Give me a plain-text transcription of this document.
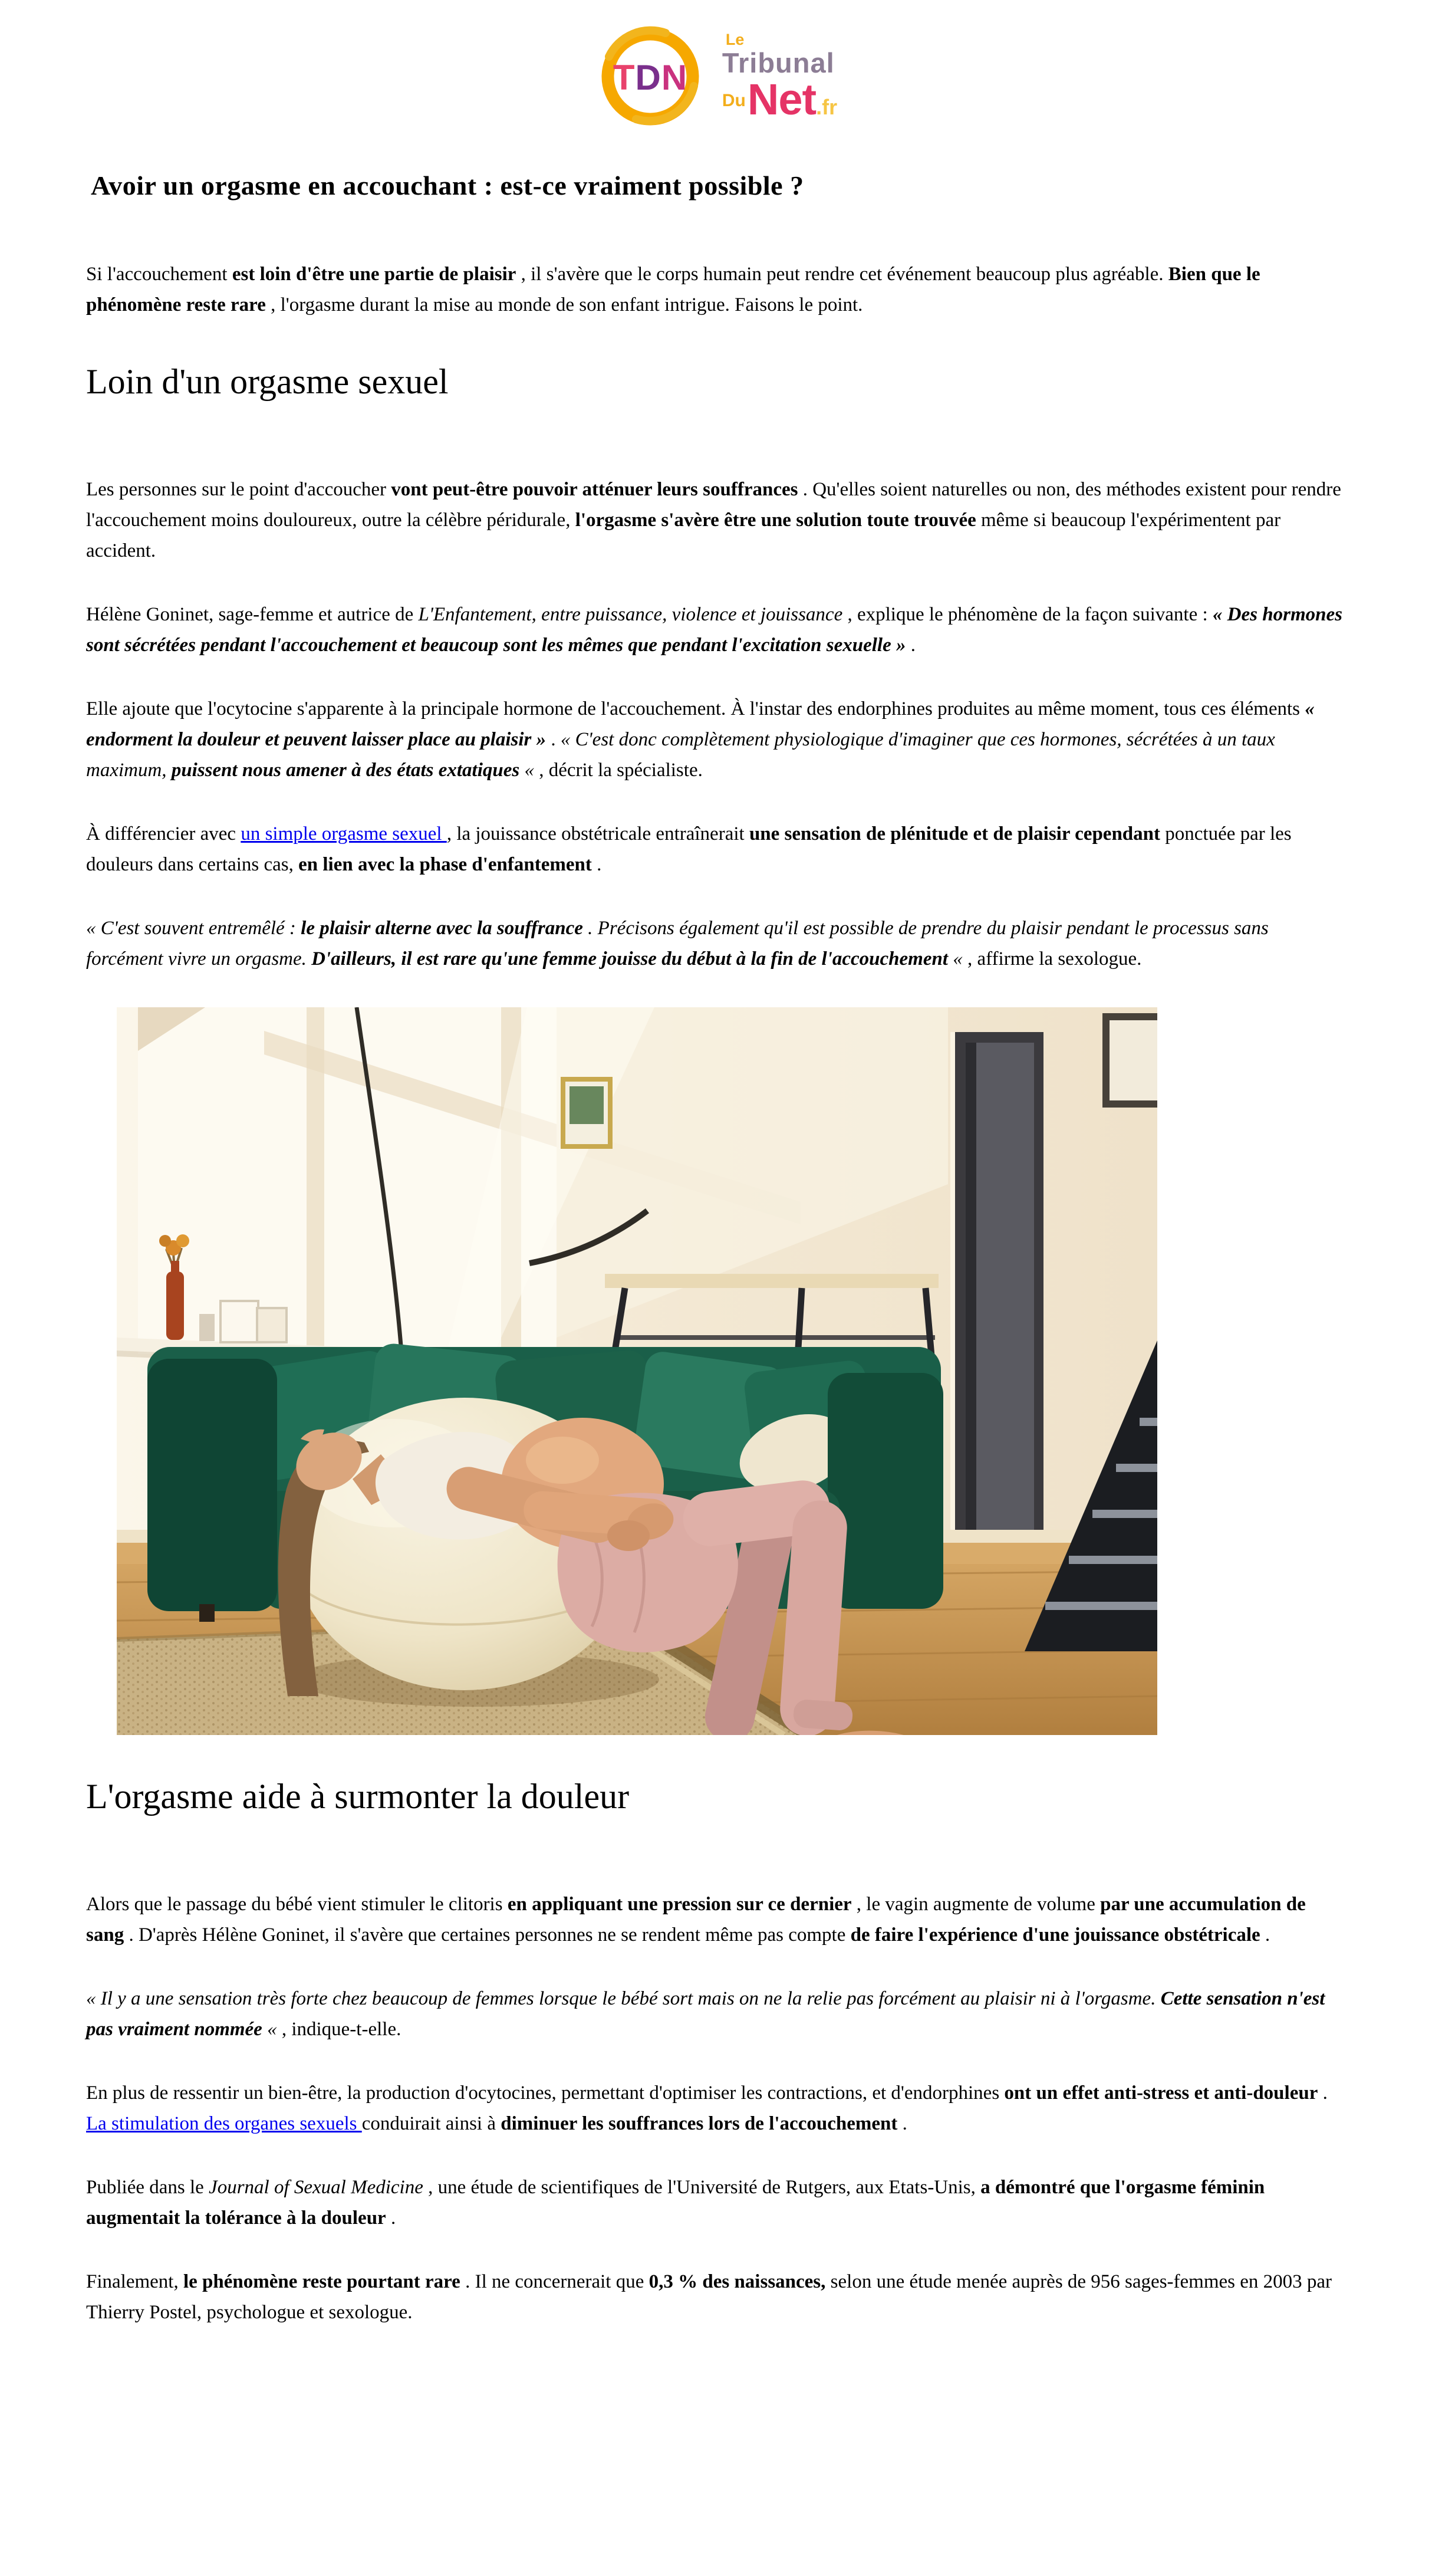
TDN
Le
Tribunal
Du Net .fr
Avoir un orgasme en accouchant : est-ce vraiment possible ?

Si l'accouchement est loin d'être une partie de plaisir , il s'avère que le corps humain peut rendre cet événement beaucoup plus agréable. Bien que le phénomène reste rare , l'orgasme durant la mise au monde de son enfant intrigue. Faisons le point.

Loin d'un orgasme sexuel

Les personnes sur le point d'accoucher vont peut-être pouvoir atténuer leurs souffrances . Qu'elles soient naturelles ou non, des méthodes existent pour rendre l'accouchement moins douloureux, outre la célèbre péridurale, l'orgasme s'avère être une solution toute trouvée même si beaucoup l'expérimentent par accident.

Hélène Goninet, sage-femme et autrice de L'Enfantement, entre puissance, violence et jouissance , explique le phénomène de la façon suivante : « Des hormones sont sécrétées pendant l'accouchement et beaucoup sont les mêmes que pendant l'excitation sexuelle » .

Elle ajoute que l'ocytocine s'apparente à la principale hormone de l'accouchement. À l'instar des endorphines produites au même moment, tous ces éléments « endorment la douleur et peuvent laisser place au plaisir » . « C'est donc complètement physiologique d'imaginer que ces hormones, sécrétées à un taux maximum, puissent nous amener à des états extatiques « , décrit la spécialiste.

À différencier avec un simple orgasme sexuel , la jouissance obstétricale entraînerait une sensation de plénitude et de plaisir cependant ponctuée par les douleurs dans certains cas, en lien avec la phase d'enfantement .

« C'est souvent entremêlé : le plaisir alterne avec la souffrance . Précisons également qu'il est possible de prendre du plaisir pendant le processus sans forcément vivre un orgasme. D'ailleurs, il est rare qu'une femme jouisse du début à la fin de l'accouchement « , affirme la sexologue.

L'orgasme aide à surmonter la douleur

Alors que le passage du bébé vient stimuler le clitoris en appliquant une pression sur ce dernier , le vagin augmente de volume par une accumulation de sang . D'après Hélène Goninet, il s'avère que certaines personnes ne se rendent même pas compte de faire l'expérience d'une jouissance obstétricale .

« Il y a une sensation très forte chez beaucoup de femmes lorsque le bébé sort mais on ne la relie pas forcément au plaisir ni à l'orgasme. Cette sensation n'est pas vraiment nommée « , indique-t-elle.

En plus de ressentir un bien-être, la production d'ocytocines, permettant d'optimiser les contractions, et d'endorphines ont un effet anti-stress et anti-douleur . La stimulation des organes sexuels conduirait ainsi à diminuer les souffrances lors de l'accouchement .

Publiée dans le Journal of Sexual Medicine , une étude de scientifiques de l'Université de Rutgers, aux Etats-Unis, a démontré que l'orgasme féminin augmentait la tolérance à la douleur .

Finalement, le phénomène reste pourtant rare . Il ne concernerait que 0,3 % des naissances, selon une étude menée auprès de 956 sages-femmes en 2003 par Thierry Postel, psychologue et sexologue.
